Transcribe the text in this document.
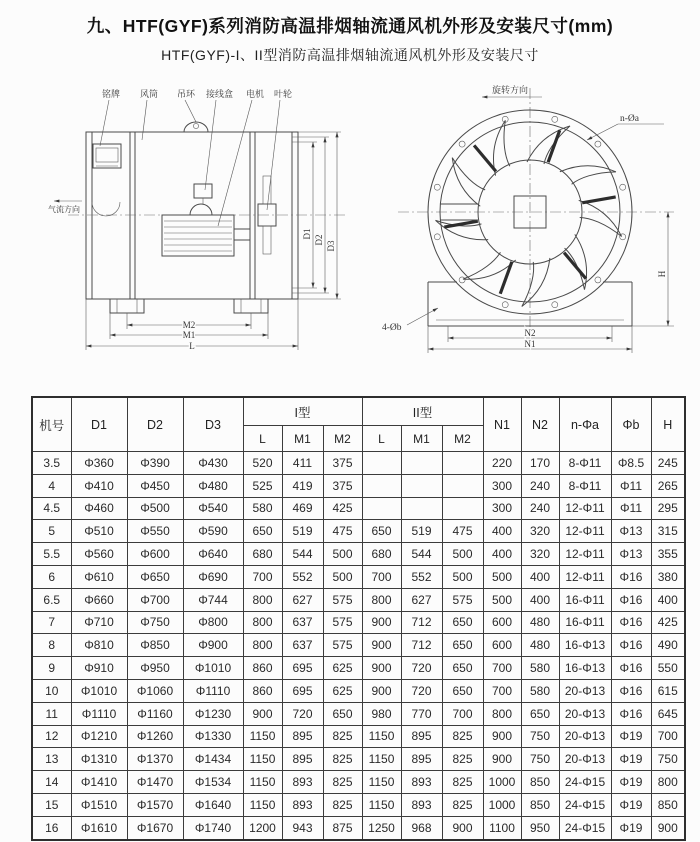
九、HTF(GYF)系列消防高温排烟轴流通风机外形及安装尺寸(mm)
HTF(GYF)-I、II型消防高温排烟轴流通风机外形及安装尺寸
铭牌 风筒 吊环 接线盒 电机 叶轮
D1
D2
D3
M2
M1
L
气流方向
旋转方向
H
N2
N1
4-Øb
n-Øa
机号	D1	D2	D3	I型			II型			N1	N2	n-Φa	Φb	H
				L	M1	M2	L	M1	M2					
3.5	Φ360	Φ390	Φ430	520	411	375				220	170	8-Φ11	Φ8.5	245
4	Φ410	Φ450	Φ480	525	419	375				300	240	8-Φ11	Φ11	265
4.5	Φ460	Φ500	Φ540	580	469	425				300	240	12-Φ11	Φ11	295
5	Φ510	Φ550	Φ590	650	519	475	650	519	475	400	320	12-Φ11	Φ13	315
5.5	Φ560	Φ600	Φ640	680	544	500	680	544	500	400	320	12-Φ11	Φ13	355
6	Φ610	Φ650	Φ690	700	552	500	700	552	500	500	400	12-Φ11	Φ16	380
6.5	Φ660	Φ700	Φ744	800	627	575	800	627	575	500	400	16-Φ11	Φ16	400
7	Φ710	Φ750	Φ800	800	637	575	900	712	650	600	480	16-Φ11	Φ16	425
8	Φ810	Φ850	Φ900	800	637	575	900	712	650	600	480	16-Φ13	Φ16	490
9	Φ910	Φ950	Φ1010	860	695	625	900	720	650	700	580	16-Φ13	Φ16	550
10	Φ1010	Φ1060	Φ1110	860	695	625	900	720	650	700	580	20-Φ13	Φ16	615
11	Φ1110	Φ1160	Φ1230	900	720	650	980	770	700	800	650	20-Φ13	Φ16	645
12	Φ1210	Φ1260	Φ1330	1150	895	825	1150	895	825	900	750	20-Φ13	Φ19	700
13	Φ1310	Φ1370	Φ1434	1150	895	825	1150	895	825	900	750	20-Φ13	Φ19	750
14	Φ1410	Φ1470	Φ1534	1150	893	825	1150	893	825	1000	850	24-Φ15	Φ19	800
15	Φ1510	Φ1570	Φ1640	1150	893	825	1150	893	825	1000	850	24-Φ15	Φ19	850
16	Φ1610	Φ1670	Φ1740	1200	943	875	1250	968	900	1100	950	24-Φ15	Φ19	900
